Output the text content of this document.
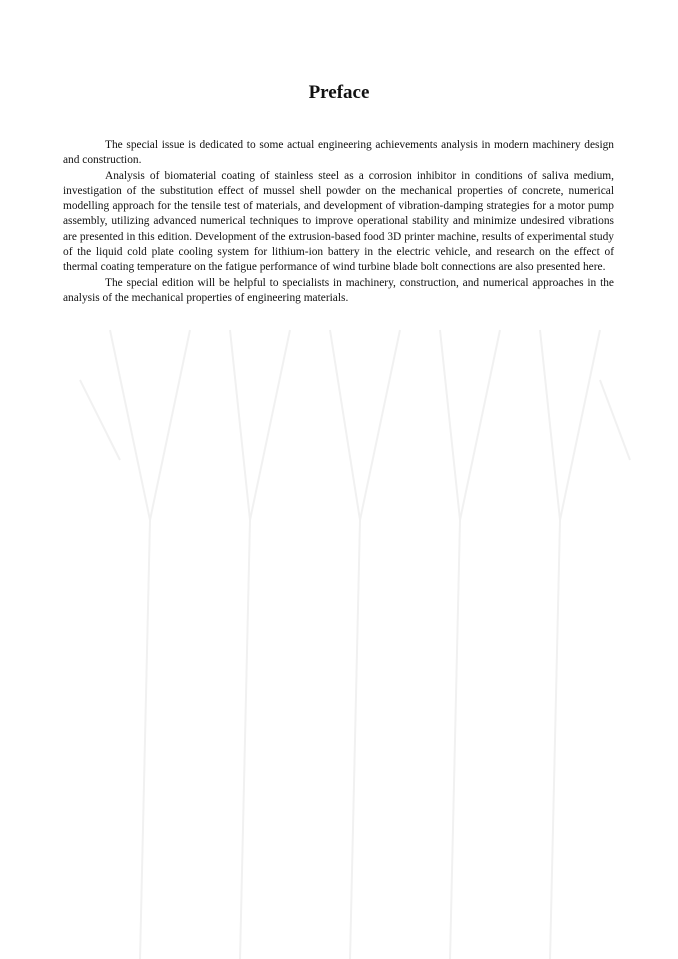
Preface

The special issue is dedicated to some actual engineering achievements analysis in modern machinery design and construction.

Analysis of biomaterial coating of stainless steel as a corrosion inhibitor in conditions of saliva medium, investigation of the substitution effect of mussel shell powder on the mechanical properties of concrete, numerical modelling approach for the tensile test of materials, and development of vibration-damping strategies for a motor pump assembly, utilizing advanced numerical techniques to improve operational stability and minimize undesired vibrations are presented in this edition. Development of the extrusion-based food 3D printer machine, results of experimental study of the liquid cold plate cooling system for lithium-ion battery in the electric vehicle, and research on the effect of thermal coating temperature on the fatigue performance of wind turbine blade bolt connections are also presented here.

The special edition will be helpful to specialists in machinery, construction, and numerical approaches in the analysis of the mechanical properties of engineering materials.
